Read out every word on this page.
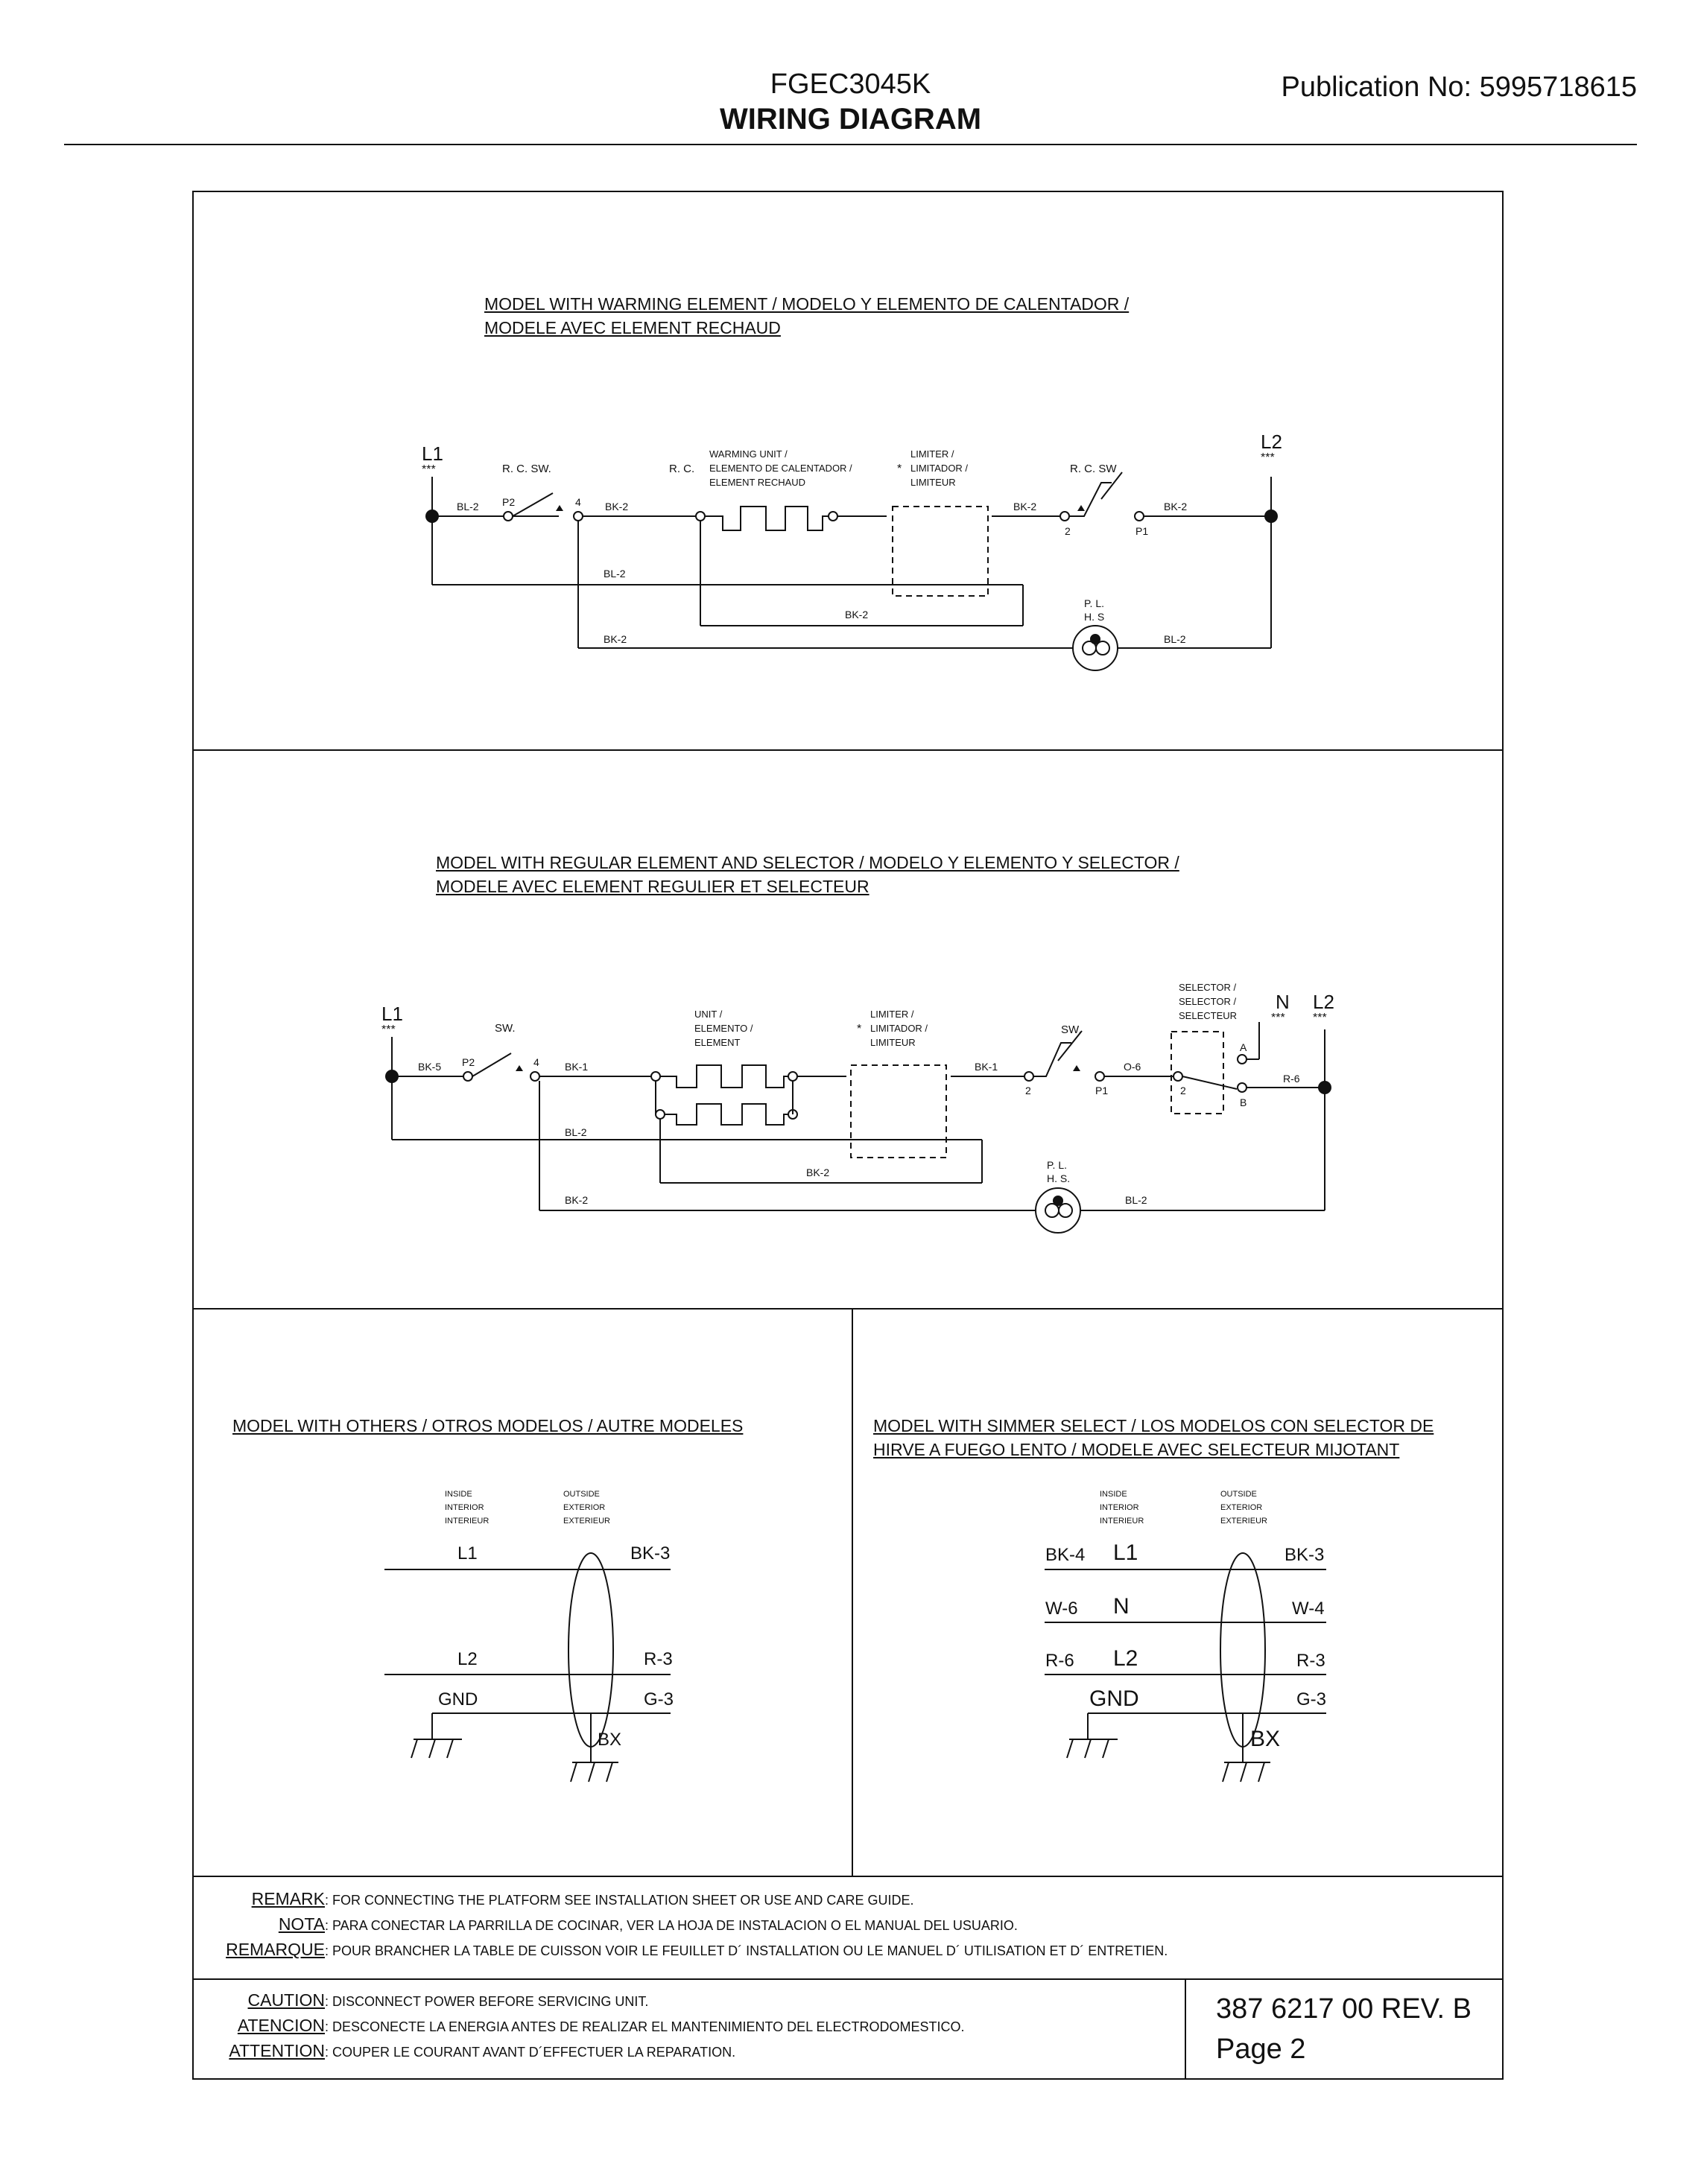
FGEC3045K
WIRING DIAGRAM
Publication No: 5995718615
MODEL WITH WARMING ELEMENT / MODELO Y ELEMENTO DE CALENTADOR /
MODELE AVEC ELEMENT RECHAUD
L1
***
L2
***
R. C. SW.	R. C.
WARMING UNIT /
ELEMENTO DE CALENTADOR /
ELEMENT RECHAUD
*
LIMITER /
LIMITADOR /
LIMITEUR
R. C. SW
P. L.
H. S
BL-2 P2	4 BK-2	BK-2
2	P1
BK-2
BL-2
BK-2
BK-2	BL-2
MODEL WITH REGULAR ELEMENT AND SELECTOR / MODELO Y ELEMENTO Y SELECTOR /
MODELE AVEC ELEMENT REGULIER ET SELECTEUR
L1
***
N
***
L2
***
SW.
UNIT /
ELEMENTO /
ELEMENT
*
LIMITER /
LIMITADOR /
LIMITEUR
SW.
SELECTOR /
SELECTOR /
SELECTEUR
P. L.
H. S.
BK-5 P2	4 BK-1	BK-1
2	P1
O-6
2
A
B
R-6
BL-2
BK-2
BK-2	BL-2
MODEL WITH OTHERS / OTROS MODELOS / AUTRE MODELES
INSIDE
INTERIOR
INTERIEUR
OUTSIDE
EXTERIOR
EXTERIEUR
L1
L2
GND
BK-3
R-3
G-3
BX
MODEL WITH SIMMER SELECT / LOS MODELOS CON SELECTOR DE
HIRVE A FUEGO LENTO / MODELE AVEC SELECTEUR MIJOTANT
INSIDE
INTERIOR
INTERIEUR
OUTSIDE
EXTERIOR
EXTERIEUR
BK-4
W-6
R-6
L1
N
L2
GND
BK-3
W-4
R-3
G-3
BX
REMARK: FOR CONNECTING THE PLATFORM SEE INSTALLATION SHEET OR USE AND CARE GUIDE.
NOTA: PARA CONECTAR LA PARRILLA DE COCINAR, VER LA HOJA DE INSTALACION O EL MANUAL DEL USUARIO.
REMARQUE: POUR BRANCHER LA TABLE DE CUISSON VOIR LE FEUILLET D´ INSTALLATION OU LE MANUEL D´ UTILISATION ET D´ ENTRETIEN.
CAUTION: DISCONNECT POWER BEFORE SERVICING UNIT.
ATENCION: DESCONECTE LA ENERGIA ANTES DE REALIZAR EL MANTENIMIENTO DEL ELECTRODOMESTICO.
ATTENTION: COUPER LE COURANT AVANT D´EFFECTUER LA REPARATION.
387 6217 00 REV. B
Page 2
